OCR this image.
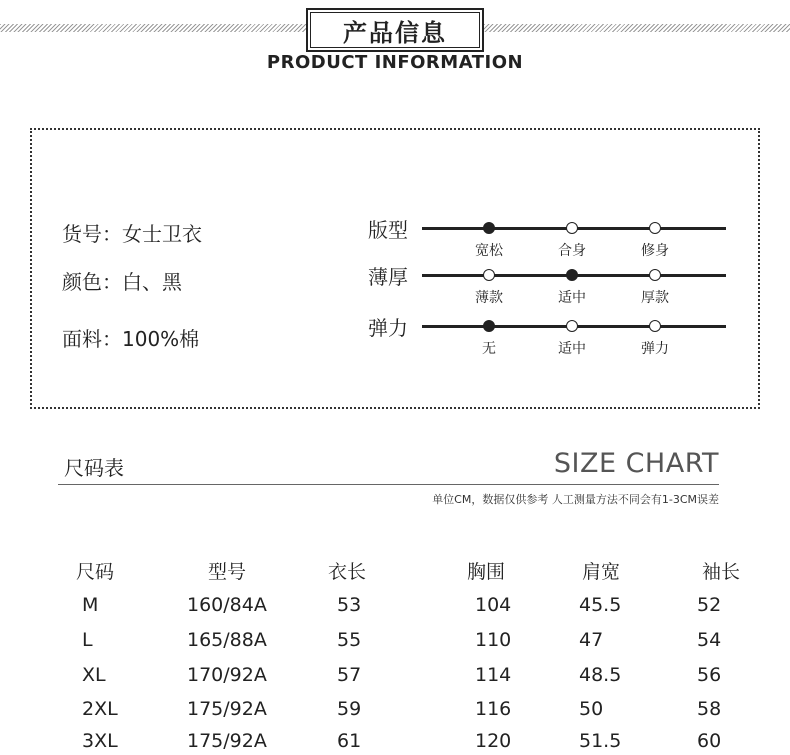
产品信息
PRODUCT INFORMATION
货号：女士卫衣
颜色：白、黑
面料：100%棉
版型
宽松	合身	修身
薄厚
薄款	适中	厚款
弹力
无	适中	弹力
尺码表	SIZE CHART
单位CM，数据仅供参考 人工测量方法不同会有1-3CM误差
尺码	型号	衣长	胸围	肩宽	袖长
M	160/84A	53	104	45.5	52
L	165/88A	55	110	47	54
XL	170/92A	57	114	48.5	56
2XL	175/92A	59	116	50	58
3XL	175/92A	61	120	51.5	60
